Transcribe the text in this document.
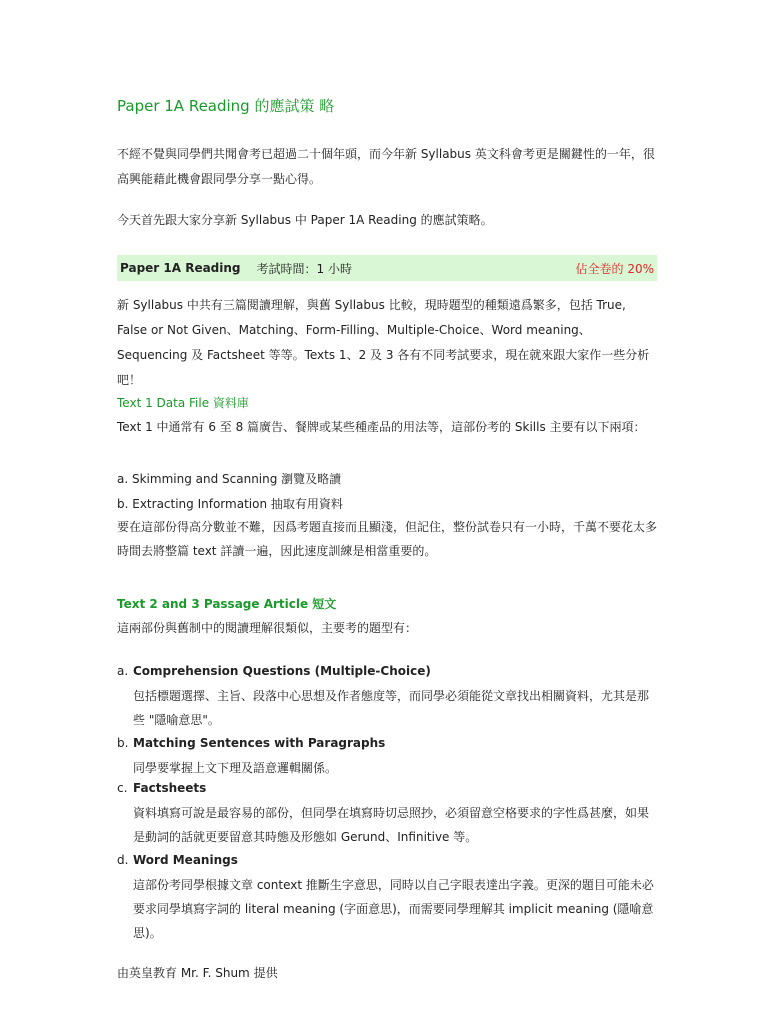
Paper 1A Reading 的應試策 略

不經不覺與同學們共聞會考已超過二十個年頭，而今年新 Syllabus 英文科會考更是關鍵性的一年，很高興能藉此機會跟同學分享一點心得。

今天首先跟大家分享新 Syllabus 中 Paper 1A Reading 的應試策略。

Paper 1A Reading 考試時間：1 小時	佔全卷的 20%

新 Syllabus 中共有三篇閱讀理解，與舊 Syllabus 比較，現時題型的種類遠爲繁多，包括 True, False or Not Given、Matching、Form-Filling、Multiple-Choice、Word meaning、Sequencing 及 Factsheet 等等。Texts 1、2 及 3 各有不同考試要求，現在就來跟大家作一些分析吧！

Text 1 Data File 資料庫

Text 1 中通常有 6 至 8 篇廣告、餐牌或某些種產品的用法等，這部份考的 Skills 主要有以下兩項：

a. Skimming and Scanning 瀏覽及略讀
b. Extracting Information 抽取有用資料

要在這部份得高分數並不難，因爲考題直接而且顯淺，但記住，整份試卷只有一小時，千萬不要花太多時間去將整篇 text 詳讀一遍，因此速度訓練是相當重要的。

Text 2 and 3 Passage Article 短文
這兩部份與舊制中的閱讀理解很類似，主要考的題型有：
a. Comprehension Questions (Multiple-Choice)
包括標題選擇、主旨、段落中心思想及作者態度等，而同學必須能從文章找出相關資料，尤其是那些 "隱喻意思"。
b. Matching Sentences with Paragraphs
同學要掌握上文下理及語意邏輯關係。
c. Factsheets
資料填寫可說是最容易的部份，但同學在填寫時切忌照抄，必須留意空格要求的字性爲甚麼，如果是動詞的話就更要留意其時態及形態如 Gerund、Infinitive 等。
d. Word Meanings
這部份考同學根據文章 context 推斷生字意思，同時以自己字眼表達出字義。更深的題目可能未必要求同學填寫字詞的 literal meaning (字面意思)，而需要同學理解其 implicit meaning (隱喻意思)。
由英皇教育 Mr. F. Shum 提供
